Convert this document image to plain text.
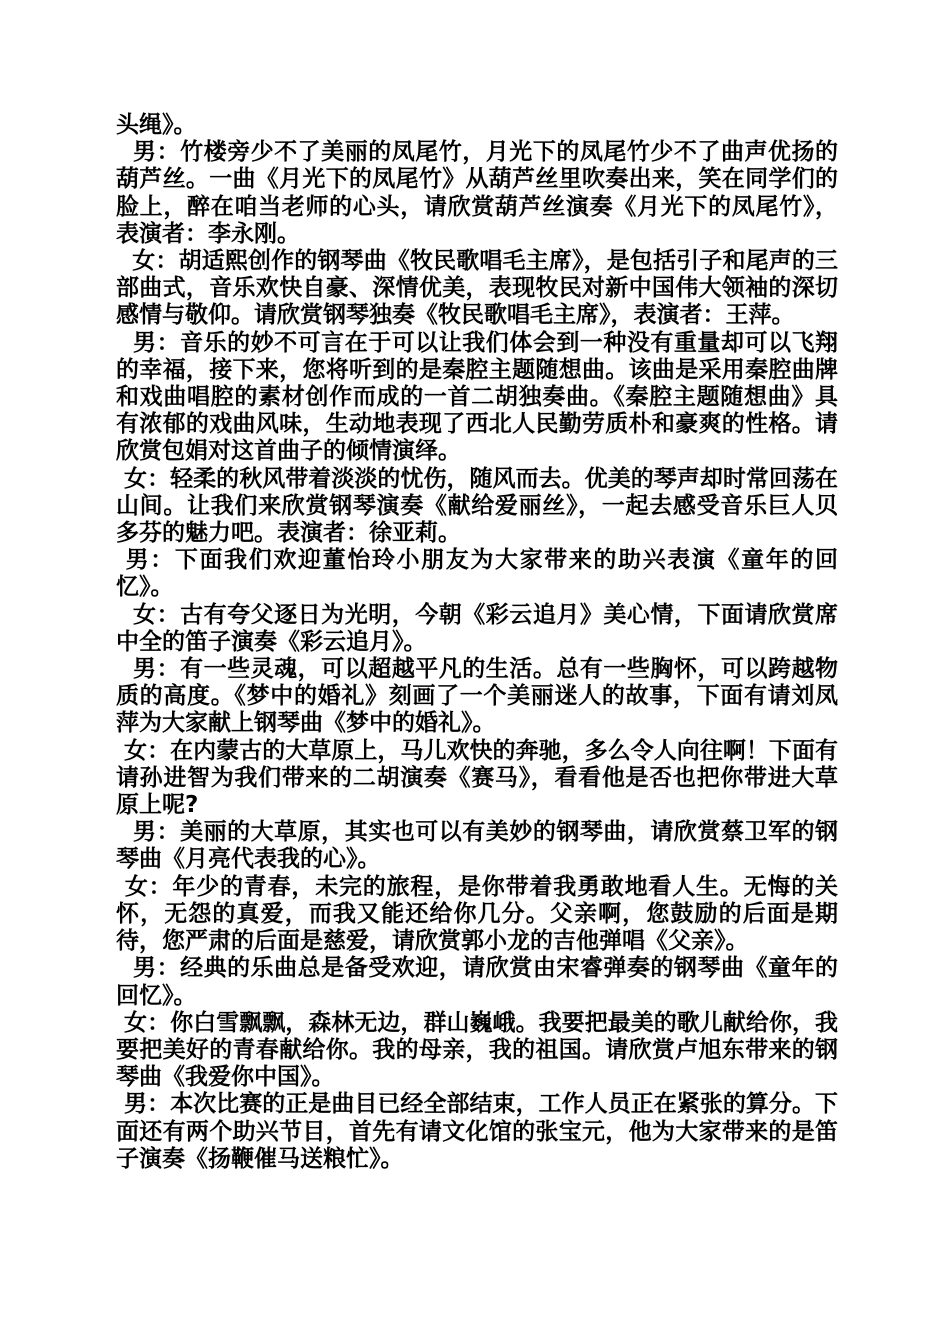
头绳》。

男：竹楼旁少不了美丽的凤尾竹，月光下的凤尾竹少不了曲声优扬的葫芦丝。一曲《月光下的凤尾竹》从葫芦丝里吹奏出来，笑在同学们的脸上，醉在咱当老师的心头，请欣赏葫芦丝演奏《月光下的凤尾竹》，表演者：李永刚。

女：胡适熙创作的钢琴曲《牧民歌唱毛主席》，是包括引子和尾声的三部曲式，音乐欢快自豪、深情优美，表现牧民对新中国伟大领袖的深切感情与敬仰。请欣赏钢琴独奏《牧民歌唱毛主席》，表演者：王萍。

男：音乐的妙不可言在于可以让我们体会到一种没有重量却可以飞翔的幸福，接下来，您将听到的是秦腔主题随想曲。该曲是采用秦腔曲牌和戏曲唱腔的素材创作而成的一首二胡独奏曲。《秦腔主题随想曲》具有浓郁的戏曲风味，生动地表现了西北人民勤劳质朴和豪爽的性格。请欣赏包娟对这首曲子的倾情演绎。

女：轻柔的秋风带着淡淡的忧伤，随风而去。优美的琴声却时常回荡在山间。让我们来欣赏钢琴演奏《献给爱丽丝》，一起去感受音乐巨人贝多芬的魅力吧。表演者：徐亚莉。

男：下面我们欢迎董怡玲小朋友为大家带来的助兴表演《童年的回忆》。

女：古有夸父逐日为光明，今朝《彩云追月》美心情，下面请欣赏席中全的笛子演奏《彩云追月》。

男：有一些灵魂，可以超越平凡的生活。总有一些胸怀，可以跨越物质的高度。《梦中的婚礼》刻画了一个美丽迷人的故事，下面有请刘凤萍为大家献上钢琴曲《梦中的婚礼》。

女：在内蒙古的大草原上，马儿欢快的奔驰，多么令人向往啊！下面有请孙进智为我们带来的二胡演奏《赛马》，看看他是否也把你带进大草原上呢?

男：美丽的大草原，其实也可以有美妙的钢琴曲，请欣赏蔡卫军的钢琴曲《月亮代表我的心》。

女：年少的青春，未完的旅程，是你带着我勇敢地看人生。无悔的关怀，无怨的真爱，而我又能还给你几分。父亲啊，您鼓励的后面是期待，您严肃的后面是慈爱，请欣赏郭小龙的吉他弹唱《父亲》。

男：经典的乐曲总是备受欢迎，请欣赏由宋睿弹奏的钢琴曲《童年的回忆》。

女：你白雪飘飘，森林无边，群山巍峨。我要把最美的歌儿献给你，我要把美好的青春献给你。我的母亲，我的祖国。请欣赏卢旭东带来的钢琴曲《我爱你中国》。

男：本次比赛的正是曲目已经全部结束，工作人员正在紧张的算分。下面还有两个助兴节目，首先有请文化馆的张宝元，他为大家带来的是笛子演奏《扬鞭催马送粮忙》。
